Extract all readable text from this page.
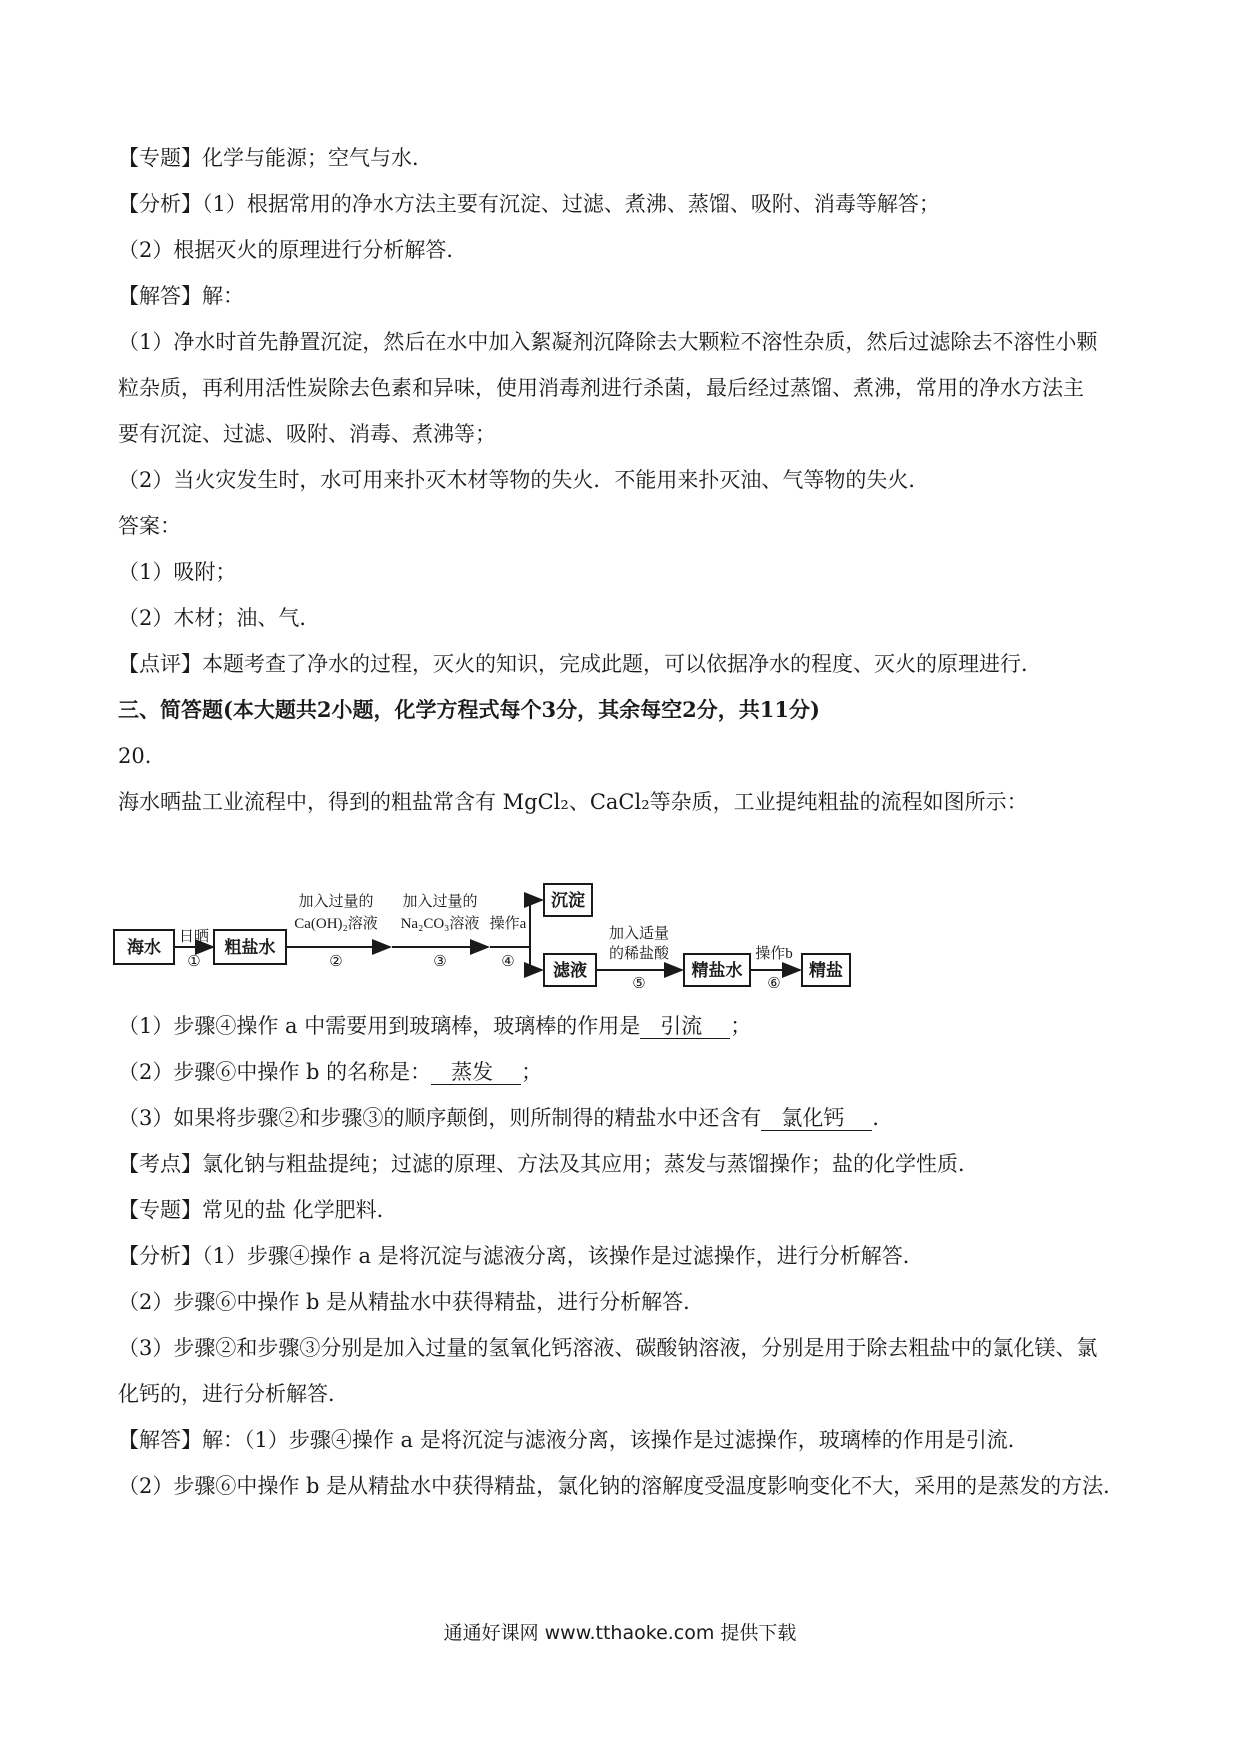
【专题】化学与能源；空气与水．
【分析】（1）根据常用的净水方法主要有沉淀、过滤、煮沸、蒸馏、吸附、消毒等解答；
（2）根据灭火的原理进行分析解答．
【解答】解：
（1）净水时首先静置沉淀，然后在水中加入絮凝剂沉降除去大颗粒不溶性杂质，然后过滤除去不溶性小颗
粒杂质，再利用活性炭除去色素和异味，使用消毒剂进行杀菌，最后经过蒸馏、煮沸，常用的净水方法主
要有沉淀、过滤、吸附、消毒、煮沸等；
（2）当火灾发生时，水可用来扑灭木材等物的失火．不能用来扑灭油、气等物的失火．
答案：
（1）吸附；
（2）木材；油、气．
【点评】本题考查了净水的过程，灭火的知识，完成此题，可以依据净水的程度、灭火的原理进行．
三、简答题(本大题共2小题，化学方程式每个3分，其余每空2分，共11分)
20.
海水晒盐工业流程中，得到的粗盐常含有 MgCl₂、CaCl₂等杂质，工业提纯粗盐的流程如图所示：
海水
日晒
①
粗盐水
加入过量的
Ca(OH)₂溶液
②
加入过量的
Na₂CO₃溶液
③
操作a
④
沉淀
滤液
加入适量
的稀盐酸
⑤
精盐水
操作b
⑥
精盐
（1）步骤④操作 a 中需要用到玻璃棒，玻璃棒的作用是 引流 ；
（2）步骤⑥中操作 b 的名称是： 蒸发 ；
（3）如果将步骤②和步骤③的顺序颠倒，则所制得的精盐水中还含有 氯化钙 ．
【考点】氯化钠与粗盐提纯；过滤的原理、方法及其应用；蒸发与蒸馏操作；盐的化学性质．
【专题】常见的盐 化学肥料．
【分析】（1）步骤④操作 a 是将沉淀与滤液分离，该操作是过滤操作，进行分析解答．
（2）步骤⑥中操作 b 是从精盐水中获得精盐，进行分析解答．
（3）步骤②和步骤③分别是加入过量的氢氧化钙溶液、碳酸钠溶液，分别是用于除去粗盐中的氯化镁、氯
化钙的，进行分析解答．
【解答】解：（1）步骤④操作 a 是将沉淀与滤液分离，该操作是过滤操作，玻璃棒的作用是引流．
（2）步骤⑥中操作 b 是从精盐水中获得精盐，氯化钠的溶解度受温度影响变化不大，采用的是蒸发的方法．
通通好课网 www.tthaoke.com 提供下载
